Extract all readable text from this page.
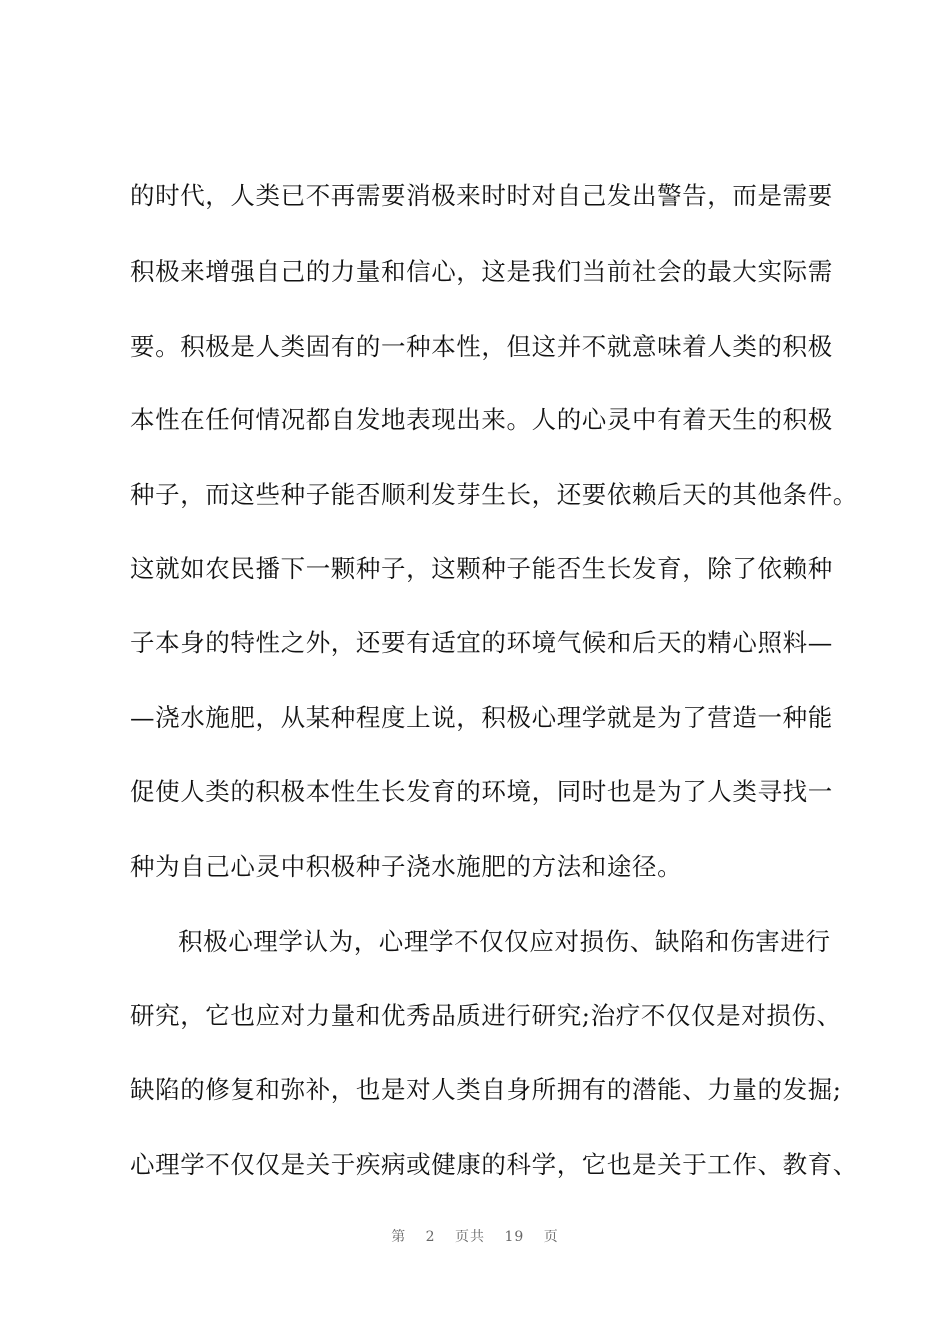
的时代，人类已不再需要消极来时时对自己发出警告，而是需要
积极来增强自己的力量和信心，这是我们当前社会的最大实际需
要。积极是人类固有的一种本性，但这并不就意味着人类的积极
本性在任何情况都自发地表现出来。人的心灵中有着天生的积极
种子，而这些种子能否顺利发芽生长，还要依赖后天的其他条件。
这就如农民播下一颗种子，这颗种子能否生长发育，除了依赖种
子本身的特性之外，还要有适宜的环境气候和后天的精心照料—
—浇水施肥，从某种程度上说，积极心理学就是为了营造一种能
促使人类的积极本性生长发育的环境，同时也是为了人类寻找一
种为自己心灵中积极种子浇水施肥的方法和途径。
积极心理学认为，心理学不仅仅应对损伤、缺陷和伤害进行
研究，它也应对力量和优秀品质进行研究;治疗不仅仅是对损伤、
缺陷的修复和弥补，也是对人类自身所拥有的潜能、力量的发掘;
心理学不仅仅是关于疾病或健康的科学，它也是关于工作、教育、
第 2 页共 19 页
